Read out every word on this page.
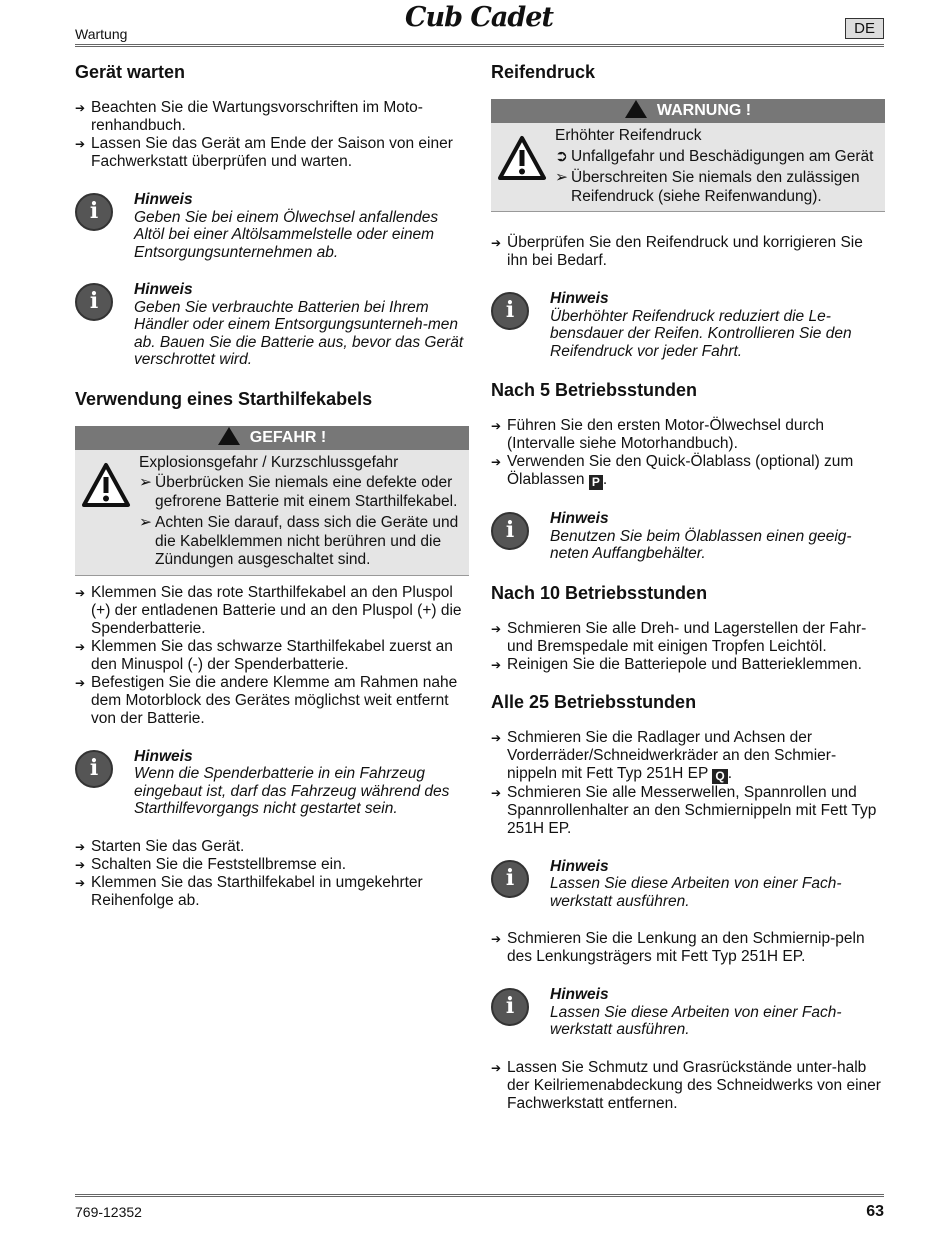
Wartung
Cub Cadet	DE
Gerät warten
➔ Beachten Sie die Wartungsvorschriften im Moto-renhandbuch.
➔ Lassen Sie das Gerät am Ende der Saison von einer Fachwerkstatt überprüfen und warten.
i	Hinweis
Geben Sie bei einem Ölwechsel anfallendes Altöl bei einer Altölsammelstelle oder einem Entsorgungsunternehmen ab.
i	Hinweis
Geben Sie verbrauchte Batterien bei Ihrem Händler oder einem Entsorgungsunterneh-men ab. Bauen Sie die Batterie aus, bevor das Gerät verschrottet wird.
Verwendung eines Starthilfekabels
GEFAHR !
Explosionsgefahr / Kurzschlussgefahr
➢ Überbrücken Sie niemals eine defekte oder gefrorene Batterie mit einem Starthilfekabel.
➢ Achten Sie darauf, dass sich die Geräte und die Kabelklemmen nicht berühren und die Zündungen ausgeschaltet sind.
➔ Klemmen Sie das rote Starthilfekabel an den Pluspol (+) der entladenen Batterie und an den Pluspol (+) die Spenderbatterie.
➔ Klemmen Sie das schwarze Starthilfekabel zuerst an den Minuspol (-) der Spenderbatterie.
➔ Befestigen Sie die andere Klemme am Rahmen nahe dem Motorblock des Gerätes möglichst weit entfernt von der Batterie.
i	Hinweis
Wenn die Spenderbatterie in ein Fahrzeug eingebaut ist, darf das Fahrzeug während des Starthilfevorgangs nicht gestartet sein.
➔ Starten Sie das Gerät.
➔ Schalten Sie die Feststellbremse ein.
➔ Klemmen Sie das Starthilfekabel in umgekehrter Reihenfolge ab.
Reifendruck
WARNUNG !
Erhöhter Reifendruck
➲ Unfallgefahr und Beschädigungen am Gerät
➢ Überschreiten Sie niemals den zulässigen Reifendruck (siehe Reifenwandung).
➔ Überprüfen Sie den Reifendruck und korrigieren Sie ihn bei Bedarf.
i	Hinweis
Überhöhter Reifendruck reduziert die Le-bensdauer der Reifen. Kontrollieren Sie den Reifendruck vor jeder Fahrt.
Nach 5 Betriebsstunden
➔ Führen Sie den ersten Motor-Ölwechsel durch (Intervalle siehe Motorhandbuch).
➔ Verwenden Sie den Quick-Ölablass (optional) zum Ölablassen P .
i	Hinweis
Benutzen Sie beim Ölablassen einen geeig-neten Auffangbehälter.
Nach 10 Betriebsstunden
➔ Schmieren Sie alle Dreh- und Lagerstellen der Fahr- und Bremspedale mit einigen Tropfen Leichtöl.
➔ Reinigen Sie die Batteriepole und Batterieklemmen.
Alle 25 Betriebsstunden
➔ Schmieren Sie die Radlager und Achsen der Vorderräder/Schneidwerkräder an den Schmier-nippeln mit Fett Typ 251H EP Q .
➔ Schmieren Sie alle Messerwellen, Spannrollen und Spannrollenhalter an den Schmiernippeln mit Fett Typ 251H EP.
i	Hinweis
Lassen Sie diese Arbeiten von einer Fach-werkstatt ausführen.
➔ Schmieren Sie die Lenkung an den Schmiernip-peln des Lenkungsträgers mit Fett Typ 251H EP.
i	Hinweis
Lassen Sie diese Arbeiten von einer Fach-werkstatt ausführen.
➔ Lassen Sie Schmutz und Grasrückstände unter-halb der Keilriemenabdeckung des Schneidwerks von einer Fachwerkstatt entfernen.
769-12352	63
